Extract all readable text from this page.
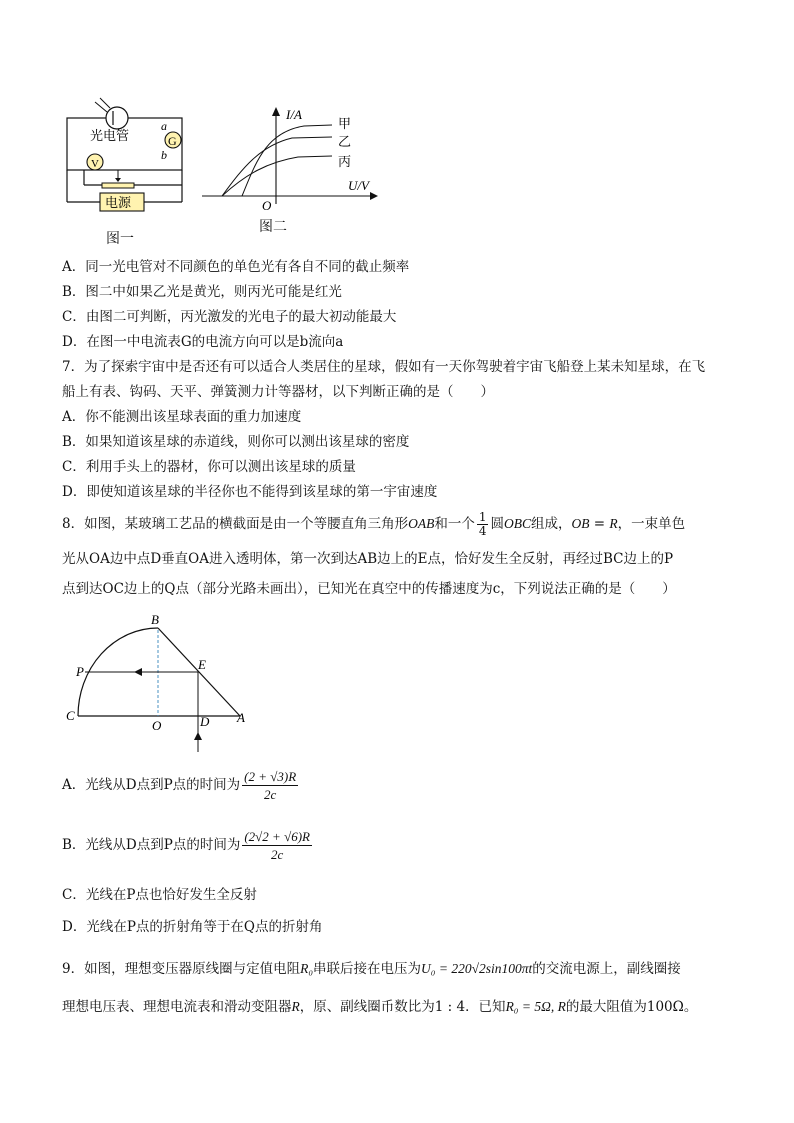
光电管	G
V
电源
a
b
图一
I/A
U/V
O
甲
乙
丙
图二
A．同一光电管对不同颜色的单色光有各自不同的截止频率
B．图二中如果乙光是黄光，则丙光可能是红光
C．由图二可判断，丙光激发的光电子的最大初动能最大
D．在图一中电流表G的电流方向可以是b流向a
7．为了探索宇宙中是否还有可以适合人类居住的星球，假如有一天你驾驶着宇宙飞船登上某未知星球，在飞
船上有表、钩码、天平、弹簧测力计等器材，以下判断正确的是（　　）
A．你不能测出该星球表面的重力加速度
B．如果知道该星球的赤道线，则你可以测出该星球的密度
C．利用手头上的器材，你可以测出该星球的质量
D．即使知道该星球的半径你也不能得到该星球的第一宇宙速度
8．如图，某玻璃工艺品的横截面是由一个等腰直角三角形OAB和一个 $\frac{1}{4}$ 圆OBC组成，OB = R，一束单色
光从OA边中点D垂直OA进入透明体，第一次到达AB边上的E点，恰好发生全反射，再经过BC边上的P
点到达OC边上的Q点（部分光路未画出），已知光在真空中的传播速度为c，下列说法正确的是（　　）
B
E
P
C
O	D A
A．光线从D点到P点的时间为 $\frac{(2 + √3)R}{2c}$
B．光线从D点到P点的时间为 $\frac{(2√2 + √6)R}{2c}$
C．光线在P点也恰好发生全反射
D．光线在P点的折射角等于在Q点的折射角
9．如图，理想变压器原线圈与定值电阻R₀串联后接在电压为U₀ = 220√2sin100πt的交流电源上，副线圈接
理想电压表、理想电流表和滑动变阻器R，原、副线圈币数比为1 : 4．已知R₀ = 5Ω, R的最大阻值为100Ω。
